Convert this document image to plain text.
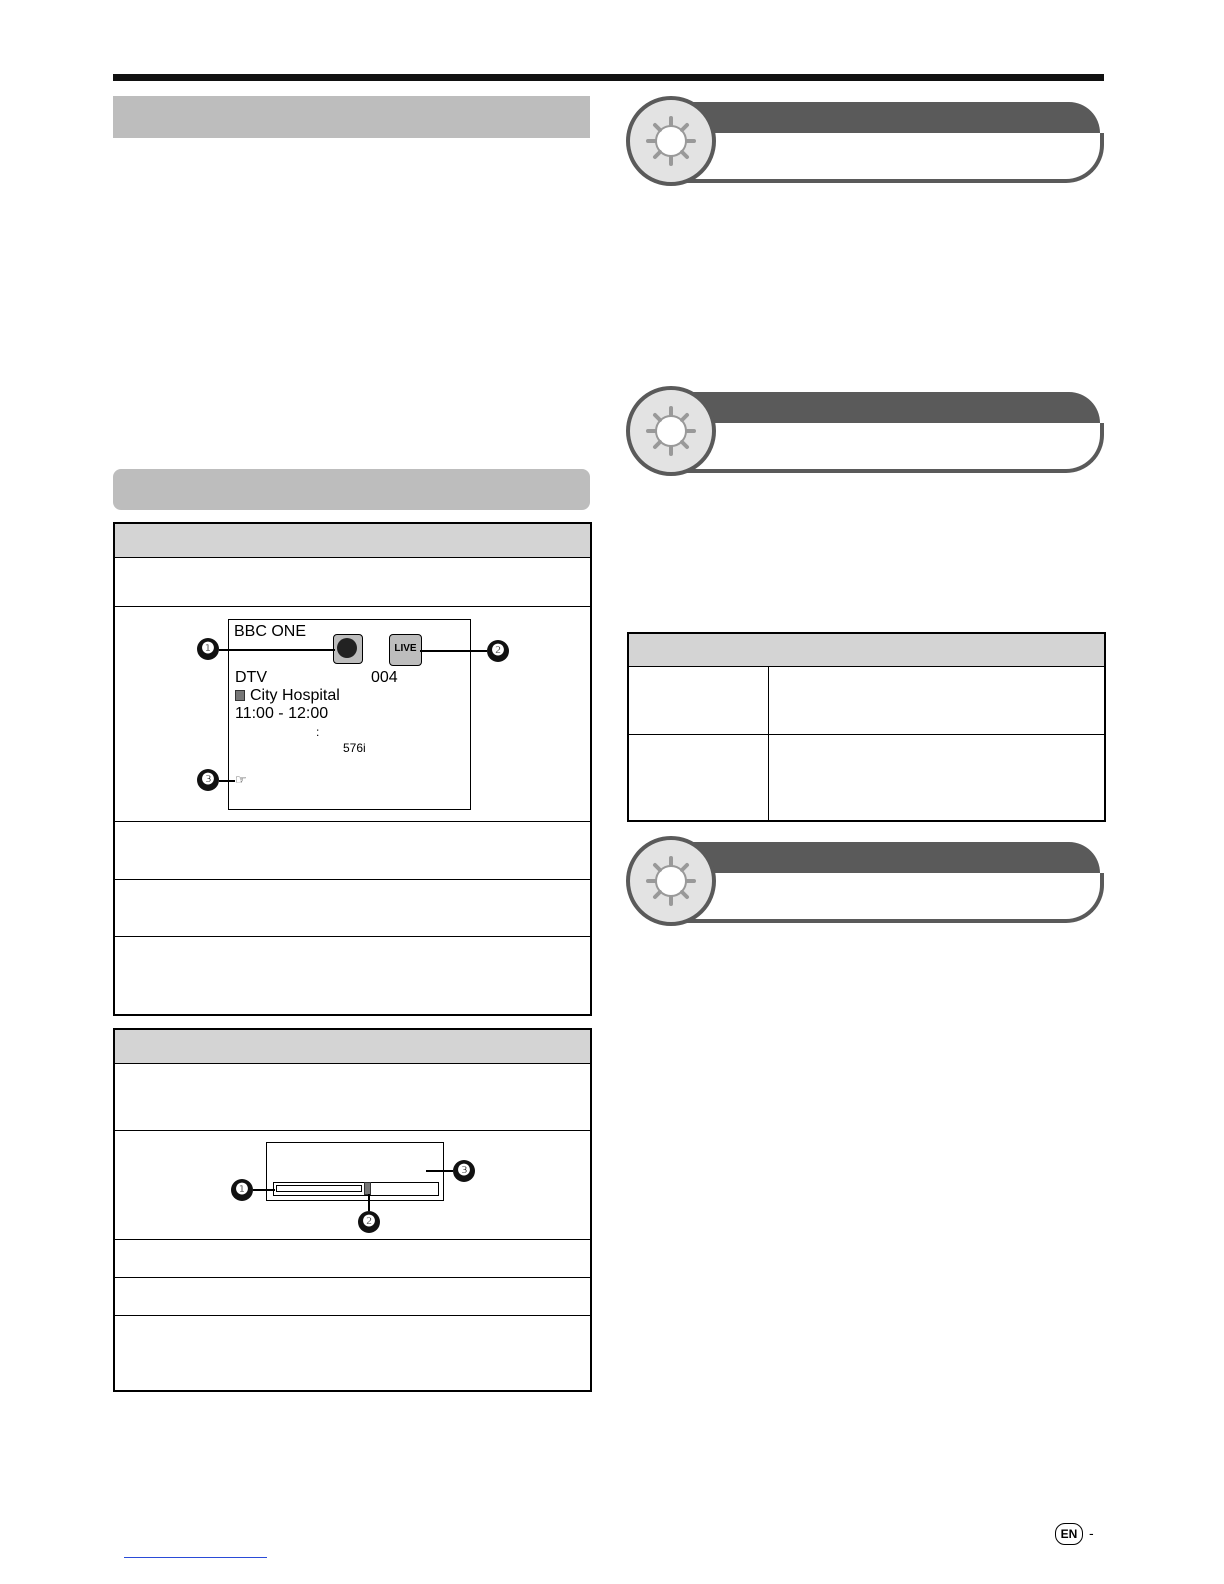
BBC ONE
LIVE
DTV	004
City Hospital
11:00 - 12:00
:
576i
☞
❶	❷
❸
❶
❷
❸
EN -
